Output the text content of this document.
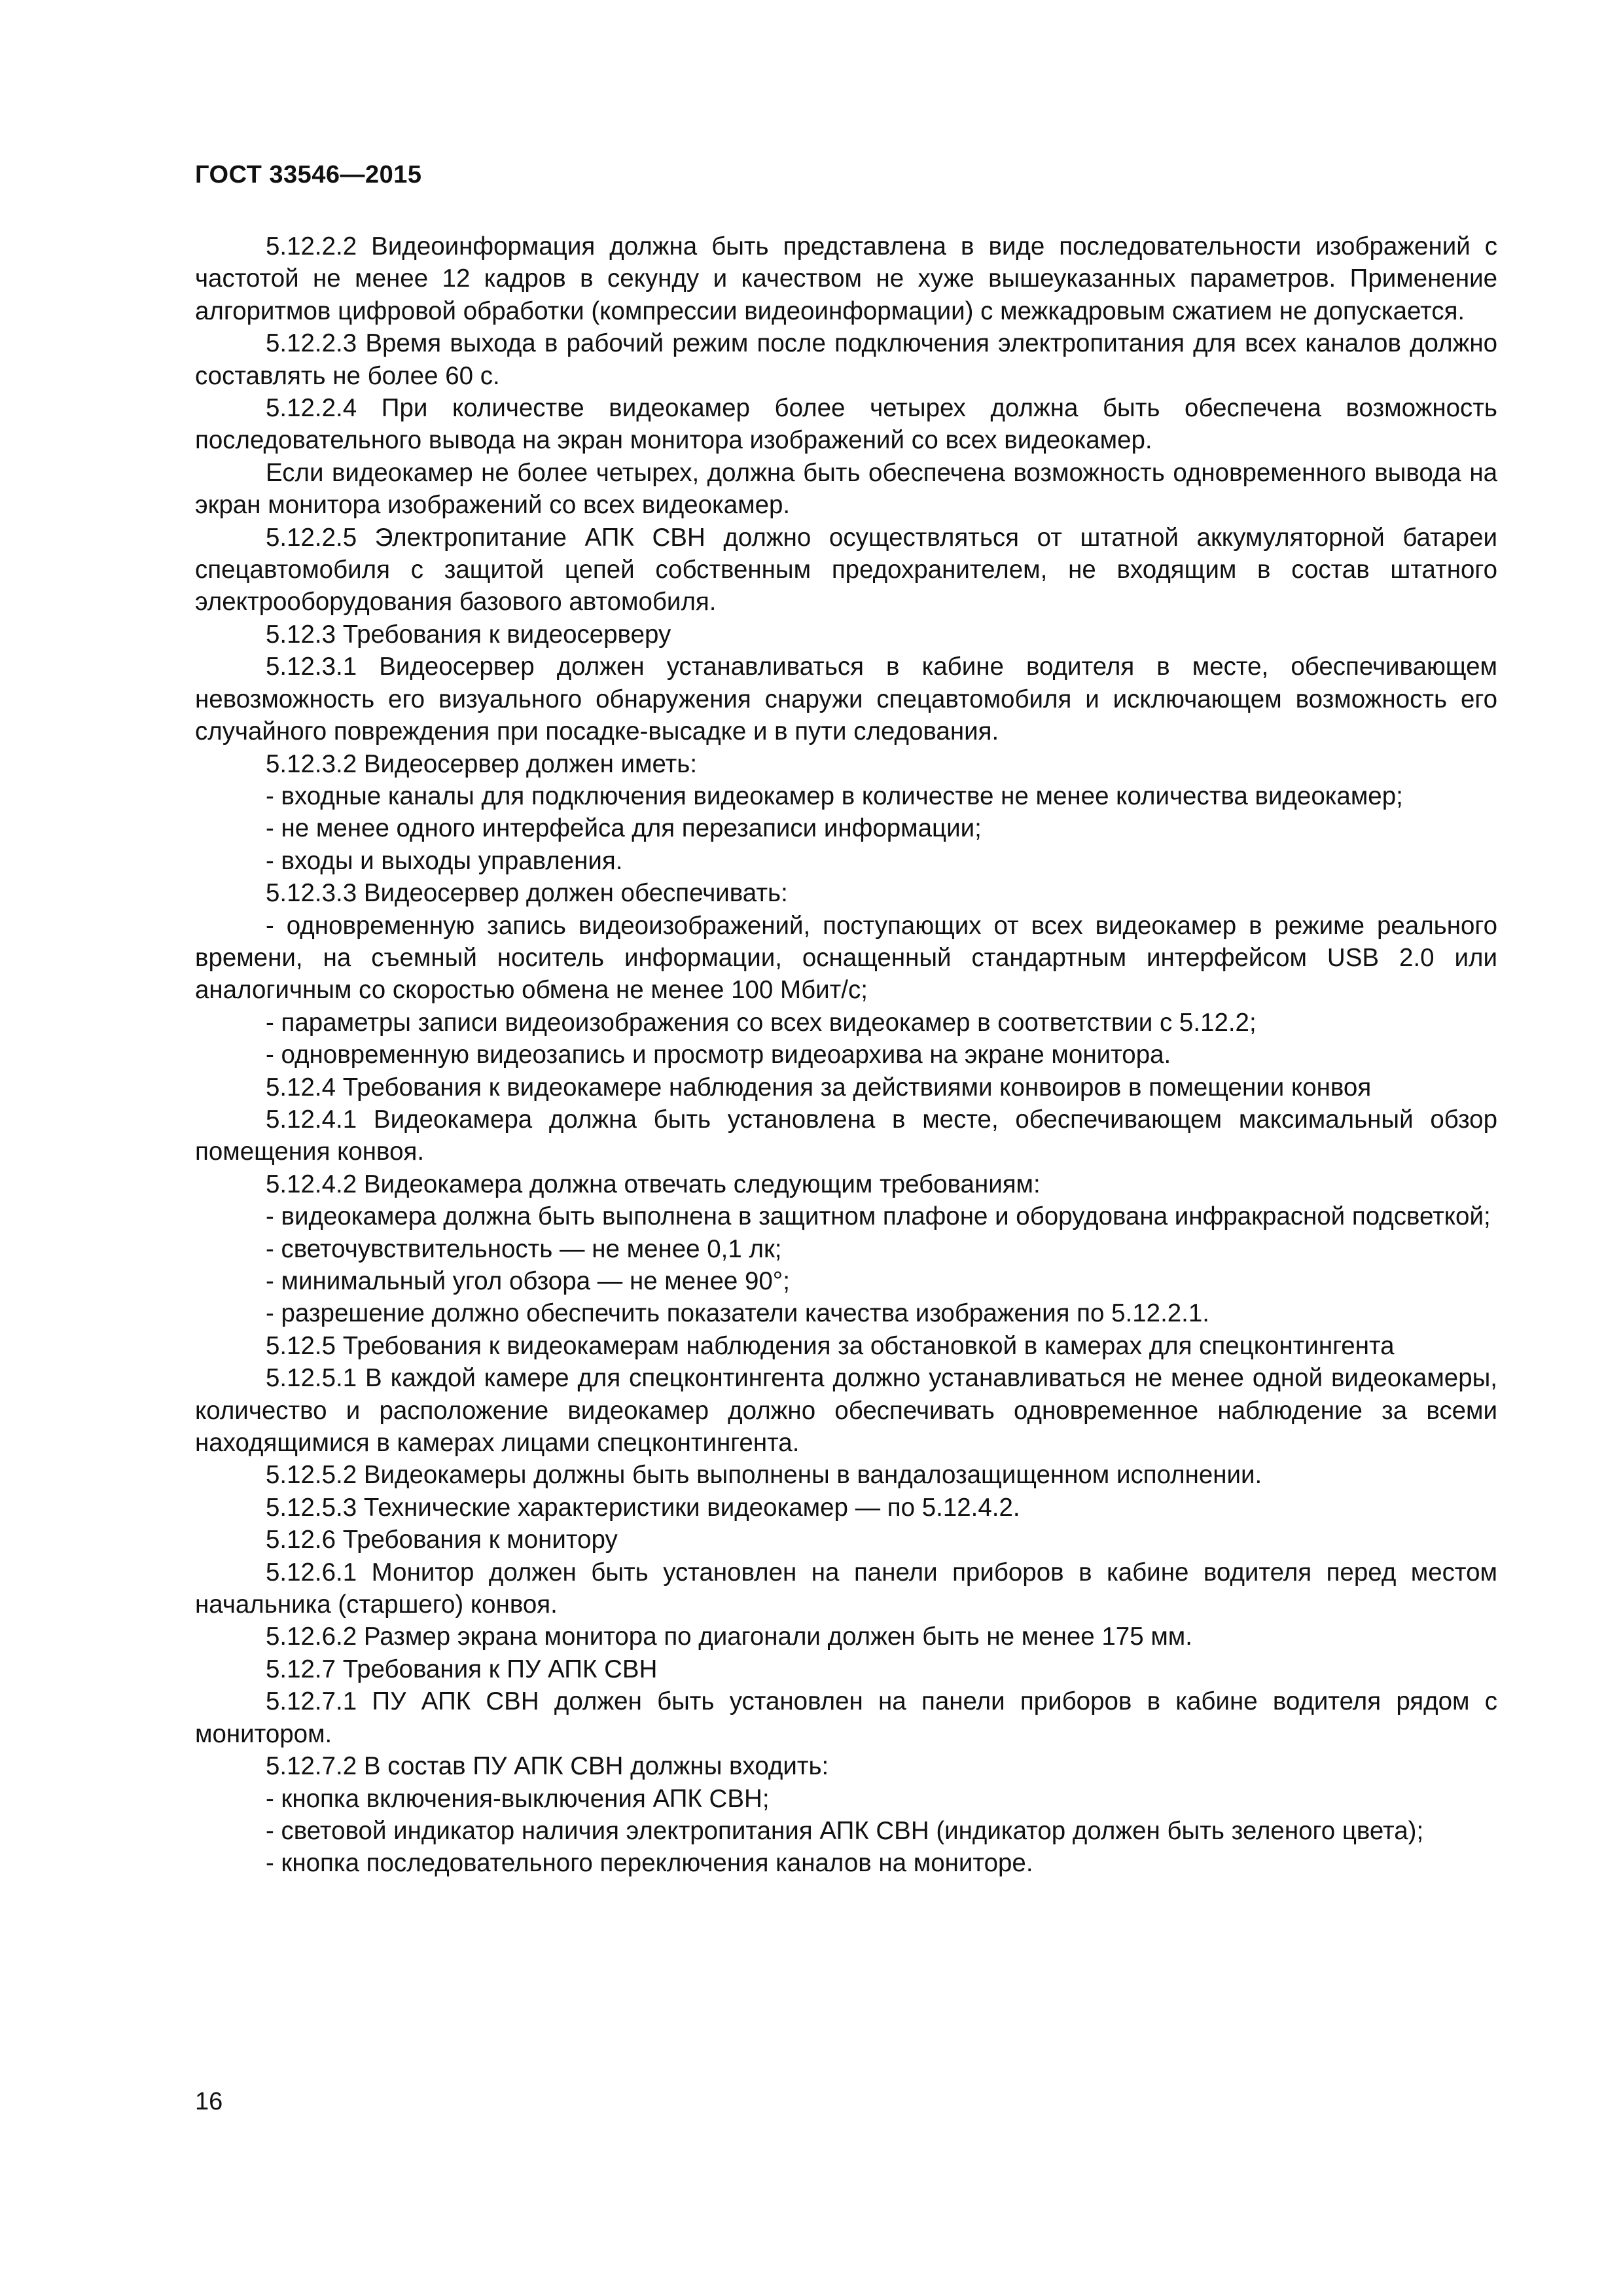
ГОСТ 33546—2015

5.12.2.2 Видеоинформация должна быть представлена в виде последовательности изображений с частотой не менее 12 кадров в секунду и качеством не хуже вышеуказанных параметров. Применение алгоритмов цифровой обработки (компрессии видеоинформации) с межкадровым сжатием не допускается.

5.12.2.3 Время выхода в рабочий режим после подключения электропитания для всех каналов должно составлять не более 60 с.

5.12.2.4 При количестве видеокамер более четырех должна быть обеспечена возможность последовательного вывода на экран монитора изображений со всех видеокамер.

Если видеокамер не более четырех, должна быть обеспечена возможность одновременного вывода на экран монитора изображений со всех видеокамер.

5.12.2.5 Электропитание АПК СВН должно осуществляться от штатной аккумуляторной батареи спецавтомобиля с защитой цепей собственным предохранителем, не входящим в состав штатного электрооборудования базового автомобиля.

5.12.3 Требования к видеосерверу

5.12.3.1 Видеосервер должен устанавливаться в кабине водителя в месте, обеспечивающем невозможность его визуального обнаружения снаружи спецавтомобиля и исключающем возможность его случайного повреждения при посадке-высадке и в пути следования.

5.12.3.2 Видеосервер должен иметь:

- входные каналы для подключения видеокамер в количестве не менее количества видеокамер;

- не менее одного интерфейса для перезаписи информации;

- входы и выходы управления.

5.12.3.3 Видеосервер должен обеспечивать:

- одновременную запись видеоизображений, поступающих от всех видеокамер в режиме реального времени, на съемный носитель информации, оснащенный стандартным интерфейсом USB 2.0 или аналогичным со скоростью обмена не менее 100 Мбит/с;

- параметры записи видеоизображения со всех видеокамер в соответствии с 5.12.2;

- одновременную видеозапись и просмотр видеоархива на экране монитора.

5.12.4 Требования к видеокамере наблюдения за действиями конвоиров в помещении конвоя

5.12.4.1 Видеокамера должна быть установлена в месте, обеспечивающем максимальный обзор помещения конвоя.

5.12.4.2 Видеокамера должна отвечать следующим требованиям:

- видеокамера должна быть выполнена в защитном плафоне и оборудована инфракрасной подсветкой;

- светочувствительность — не менее 0,1 лк;

- минимальный угол обзора — не менее 90°;

- разрешение должно обеспечить показатели качества изображения по 5.12.2.1.

5.12.5 Требования к видеокамерам наблюдения за обстановкой в камерах для спецконтингента

5.12.5.1 В каждой камере для спецконтингента должно устанавливаться не менее одной видеокамеры, количество и расположение видеокамер должно обеспечивать одновременное наблюдение за всеми находящимися в камерах лицами спецконтингента.

5.12.5.2 Видеокамеры должны быть выполнены в вандалозащищенном исполнении.

5.12.5.3 Технические характеристики видеокамер — по 5.12.4.2.

5.12.6 Требования к монитору

5.12.6.1 Монитор должен быть установлен на панели приборов в кабине водителя перед местом начальника (старшего) конвоя.

5.12.6.2 Размер экрана монитора по диагонали должен быть не менее 175 мм.

5.12.7 Требования к ПУ АПК СВН

5.12.7.1 ПУ АПК СВН должен быть установлен на панели приборов в кабине водителя рядом с монитором.

5.12.7.2 В состав ПУ АПК СВН должны входить:

- кнопка включения-выключения АПК СВН;

- световой индикатор наличия электропитания АПК СВН (индикатор должен быть зеленого цвета);

- кнопка последовательного переключения каналов на мониторе.

16
